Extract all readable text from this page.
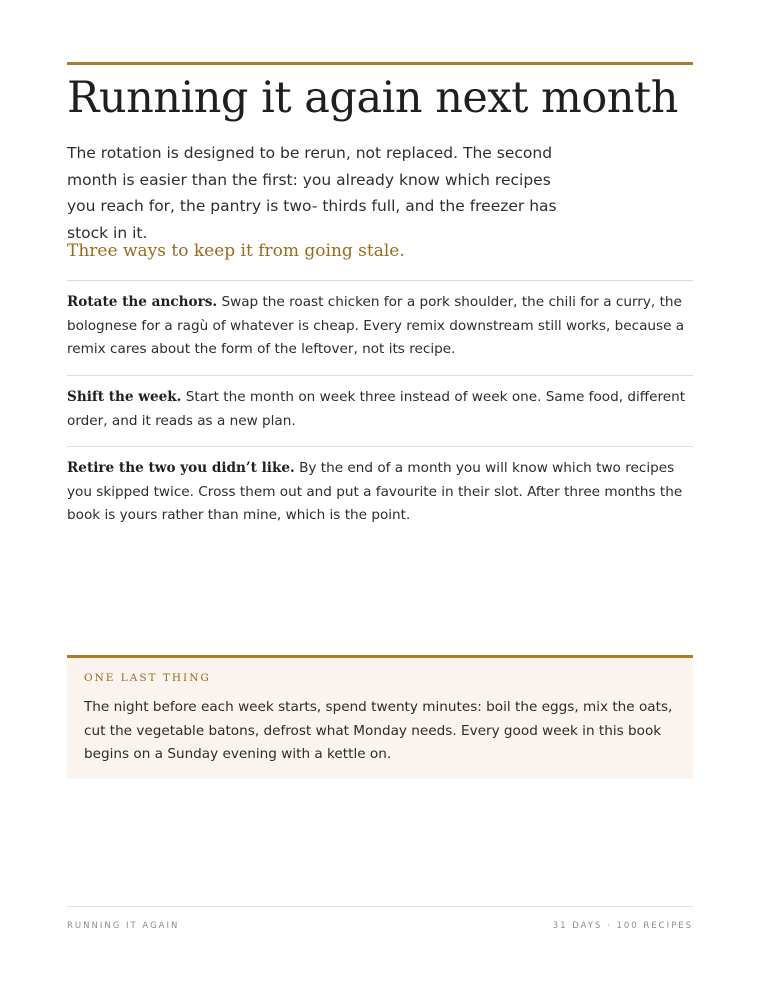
Running it again next month

The rotation is designed to be rerun, not replaced. The second month is easier than the first: you already know which recipes you reach for, the pantry is two- thirds full, and the freezer has stock in it.

Three ways to keep it from going stale.

Rotate the anchors. Swap the roast chicken for a pork shoulder, the chili for a curry, the bolognese for a ragù of whatever is cheap. Every remix downstream still works, because a remix cares about the form of the leftover, not its recipe.

Shift the week. Start the month on week three instead of week one. Same food, different order, and it reads as a new plan.

Retire the two you didn’t like. By the end of a month you will know which two recipes you skipped twice. Cross them out and put a favourite in their slot. After three months the book is yours rather than mine, which is the point.

ONE LAST THING

The night before each week starts, spend twenty minutes: boil the eggs, mix the oats, cut the vegetable batons, defrost what Monday needs. Every good week in this book begins on a Sunday evening with a kettle on.

RUNNING IT AGAIN	31 DAYS · 100 RECIPES
